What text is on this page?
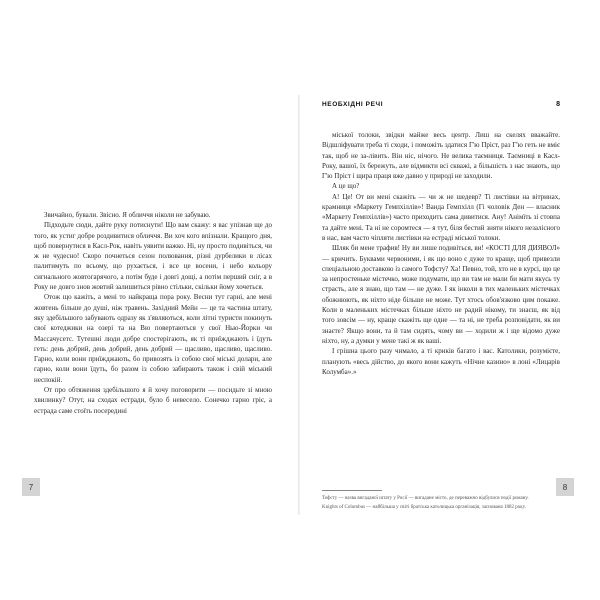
Звичайно, бували. Звісно. Я обличчя ніколи не забуваю.

Підходьте сюди, дайте руку потиснути! Що вам скажу: я вас упізнав ще до того, як устиг добре роздивитися обличчя. Ви хоч кого впізнали. Кращого дня, щоб повернутися в Касл-Рок, навіть уявити важко. Ні, ну просто подивіться, чи ж не чудесно! Скоро почнеться сезон полювання, різні дурбелики в лісах палитимуть по всьому, що рухається, і все це восени, і небо кольору сигнального жовтогарячого, а потім буде і довгі дощі, а потім перший сніг, а в Року не довго знов жовтий залишиться рівно стільки, скільки йому хочеться.

Отож що кажіть, а мені то найкраща пора року. Весни тут гарні, але мені жовтень більше до душі, ніж травень. Західний Мейн — це та частина штату, яку здебільшого забувають одразу як з'являються, коли літні туристи покинуть свої котеджики на озері та на Вю повертаються у свої Нью-Йорки чи Массачусетс. Тутешні люди добре спостерігають, як ті приїжджають і їдуть геть: день добрий, день добрий, день добрий — щасливо, щасливо, щасливо. Гарно, коли вони приїжджають, бо привозять із собою свої міські долари, але гарно, коли вони їдуть, бо разом із собою забирають також і свій міський неспокій.

От про обтяження здебільшого я й хочу поговорити — посидьте зі мною хвилинку? Отут, на сходах естради, було б невесело. Сонечко гарно гріє, а естрада саме стоїть посередині

7
НЕОБХІДНІ РЕЧІ	8

міської толоки, звідки майже весь центр. Лиш на скелях вважайте. Відшліфувати треба ті сходи, і поможіть здатися Г'ю Пріст, раз Г'ю геть не вміє так, щоб не за-лівить. Він ніс, нічого. Не велика таємниця. Таємниці в Касл-Року, вашої, їх бережуть, але відмикти всі скважі, а більшість з нас знають, що Г'ю Пріст і щира праця вже давно у природі не заходили.

А це що?

А! Це! От ви мені скажіть — чи ж не шедевр? Ті листівки на вітринах, крамниця «Маркету Гемпхіллів»! Ванда Гемпхілл (Гі чоловік Ден — власник «Маркету Гемпхіллів») часто приходить сама дивитися. Ану! Анімїть зі стовпа та дайте мені. Та ні не соромтеся — я тут, біля бестий зняти нікого незалісного в нас, вам часто чіпляти листівки на естраді міської толоки.

Шляк би мене трафив! Ну ви лише подивіться, ви! «КОСТІ ДЛЯ ДИЯВОЛ» — кричить. Буквами червоними, і як що воно є дуже то краще, щоб привезли спеціальною доставкою із самого Тофсту? Ха! Певно, той, хто не в курсі, що це за непростеньке містечко, може подумати, що ви там не мали би мати якусь ту страсть, але я знаю, що там — не дуже. І як інколи в тих маленьких містечках обожнюють, як ніхто ніде більше не може. Тут хтось обов'язково цим покаже. Коли в маленьких містечках більше ніхто не радий нікому, ти знаєш, як від того зовсім — ну, краще скажіть ще одне — та ні, не треба розповідати, як ви знаєте? Якщо вони, та й там сидять, чому ви — ходили ж і ще відомо дуже ніхто, ну, а думки у мене такі ж як ваші.

І грішна цього разу чимало, а ті криків багато і вас. Католики, розумієте, планують «весь дійство, до якого вони кажуть «Нічне казино» в лоні «Лицарів Колумба».»

Тофсту — назва вигаданої штату у Росії — вигадане місто, де переважно відбулися події роману.

Knights of Columbus — найбільша у світі братська католицька організація, заснована 1882 року.

8
